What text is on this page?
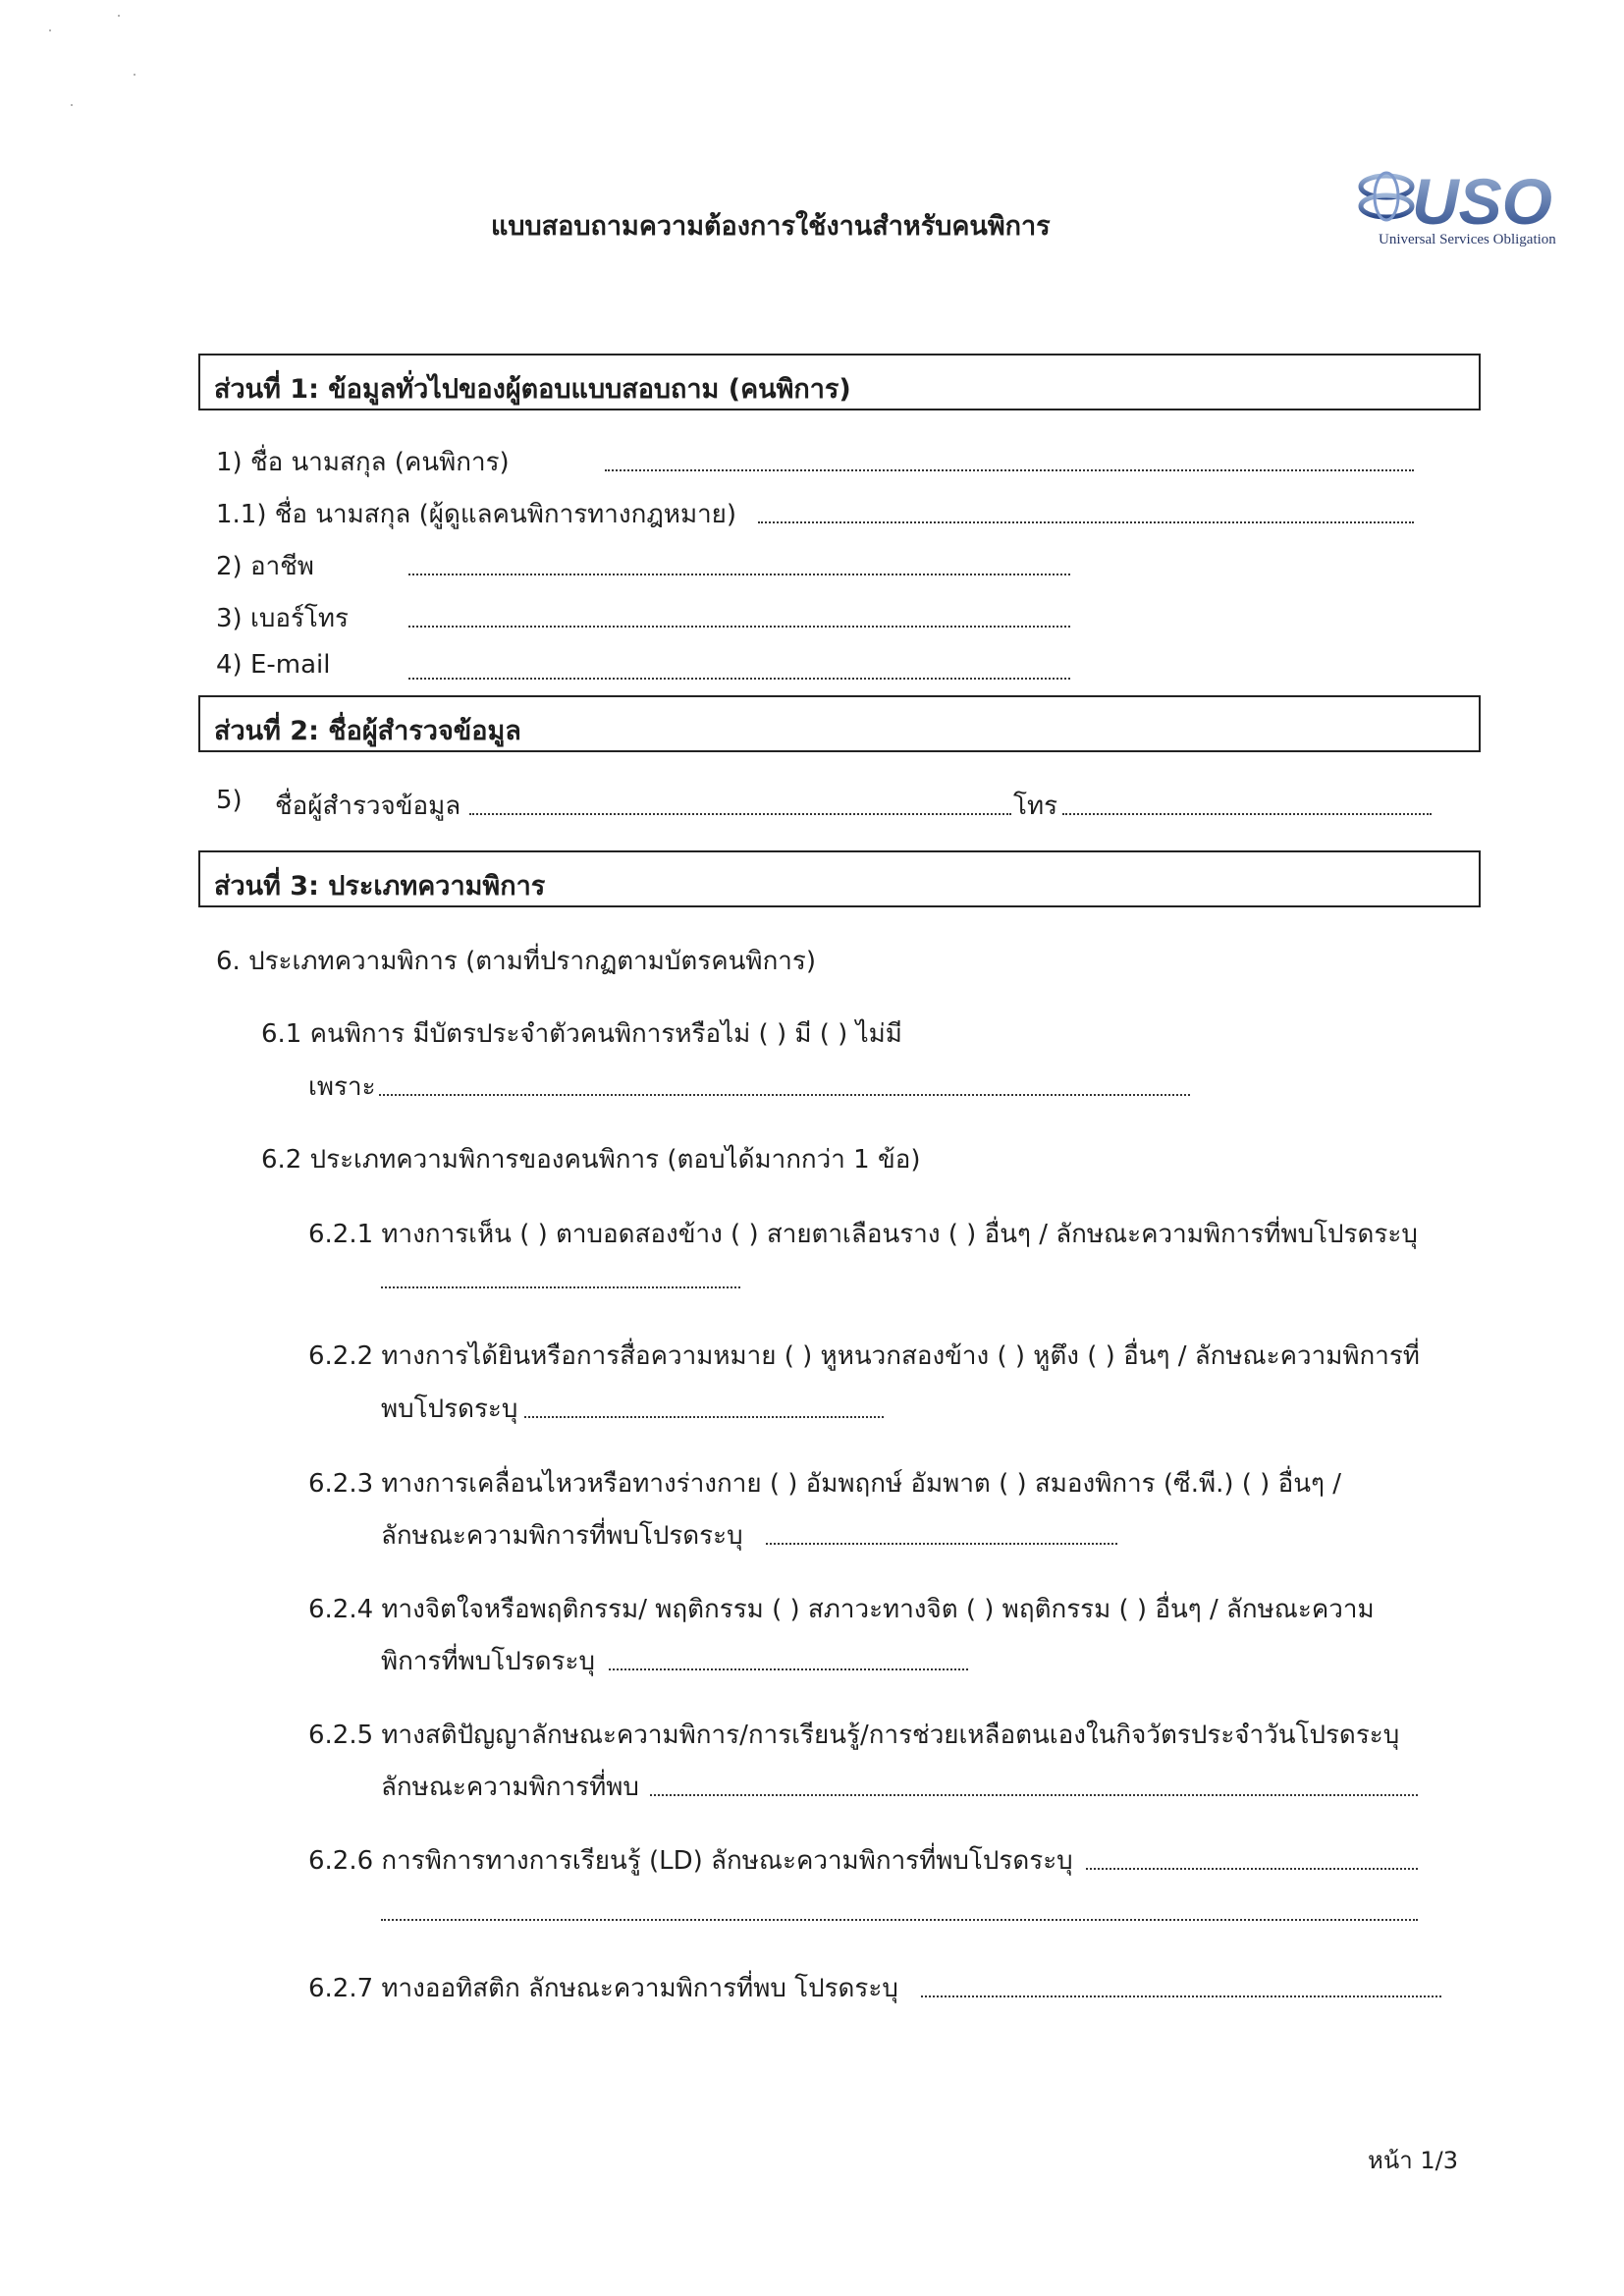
แบบสอบถามความต้องการใช้งานสำหรับคนพิการ	USO
Universal Services Obligation
ส่วนที่ 1: ข้อมูลทั่วไปของผู้ตอบแบบสอบถาม (คนพิการ)
1) ชื่อ นามสกุล (คนพิการ)
1.1) ชื่อ นามสกุล (ผู้ดูแลคนพิการทางกฎหมาย)
2) อาชีพ
3) เบอร์โทร
4) E-mail
ส่วนที่ 2: ชื่อผู้สำรวจข้อมูล
5) ชื่อผู้สำรวจข้อมูล	โทร
ส่วนที่ 3: ประเภทความพิการ
6. ประเภทความพิการ (ตามที่ปรากฏตามบัตรคนพิการ)
6.1 คนพิการ มีบัตรประจำตัวคนพิการหรือไม่ ( ) มี ( ) ไม่มี
เพราะ
6.2 ประเภทความพิการของคนพิการ (ตอบได้มากกว่า 1 ข้อ)
6.2.1 ทางการเห็น ( ) ตาบอดสองข้าง ( ) สายตาเลือนราง ( ) อื่นๆ / ลักษณะความพิการที่พบโปรดระบุ
6.2.2 ทางการได้ยินหรือการสื่อความหมาย ( ) หูหนวกสองข้าง ( ) หูตึง ( ) อื่นๆ / ลักษณะความพิการที่
พบโปรดระบุ
6.2.3 ทางการเคลื่อนไหวหรือทางร่างกาย ( ) อัมพฤกษ์ อัมพาต ( ) สมองพิการ (ซี.พี.) ( ) อื่นๆ /
ลักษณะความพิการที่พบโปรดระบุ
6.2.4 ทางจิตใจหรือพฤติกรรม/ พฤติกรรม ( ) สภาวะทางจิต ( ) พฤติกรรม ( ) อื่นๆ / ลักษณะความ
พิการที่พบโปรดระบุ
6.2.5 ทางสติปัญญาลักษณะความพิการ/การเรียนรู้/การช่วยเหลือตนเองในกิจวัตรประจำวันโปรดระบุ
ลักษณะความพิการที่พบ
6.2.6 การพิการทางการเรียนรู้ (LD) ลักษณะความพิการที่พบโปรดระบุ
6.2.7 ทางออทิสติก ลักษณะความพิการที่พบ โปรดระบุ
หน้า 1/3
